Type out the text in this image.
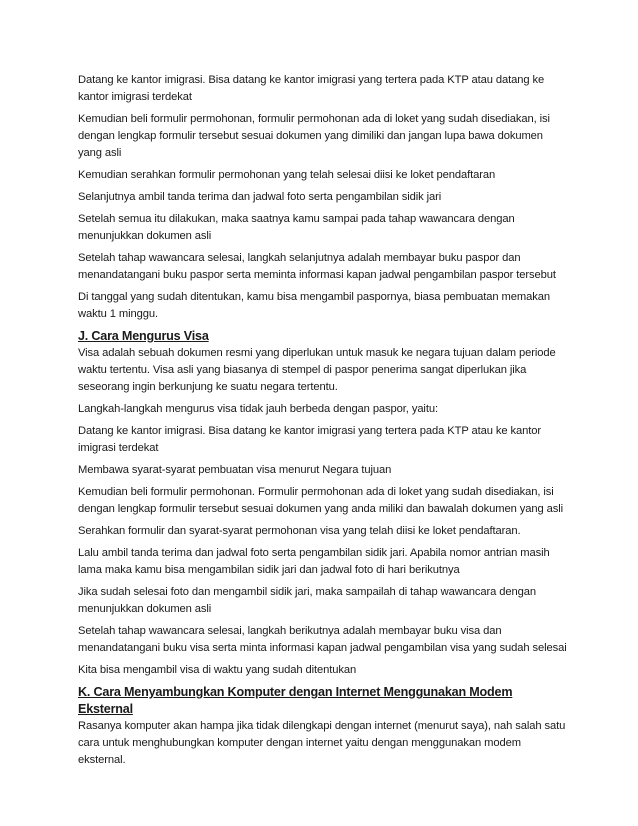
Datang ke kantor imigrasi. Bisa datang ke kantor imigrasi yang tertera pada KTP atau datang ke kantor imigrasi terdekat

Kemudian beli formulir permohonan, formulir permohonan ada di loket yang sudah disediakan, isi dengan lengkap formulir tersebut sesuai dokumen yang dimiliki dan jangan lupa bawa dokumen yang asli

Kemudian serahkan formulir permohonan yang telah selesai diisi ke loket pendaftaran

Selanjutnya ambil tanda terima dan jadwal foto serta pengambilan sidik jari

Setelah semua itu dilakukan, maka saatnya kamu sampai pada tahap wawancara dengan menunjukkan dokumen asli

Setelah tahap wawancara selesai, langkah selanjutnya adalah membayar buku paspor dan menandatangani buku paspor serta meminta informasi kapan jadwal pengambilan paspor tersebut

Di tanggal yang sudah ditentukan, kamu bisa mengambil paspornya, biasa pembuatan memakan waktu 1 minggu.

J. Cara Mengurus Visa

Visa adalah sebuah dokumen resmi yang diperlukan untuk masuk ke negara tujuan dalam periode waktu tertentu. Visa asli yang biasanya di stempel di paspor penerima sangat diperlukan jika seseorang ingin berkunjung ke suatu negara tertentu.

Langkah-langkah mengurus visa tidak jauh berbeda dengan paspor, yaitu:

Datang ke kantor imigrasi. Bisa datang ke kantor imigrasi yang tertera pada KTP atau ke kantor imigrasi terdekat

Membawa syarat-syarat pembuatan visa menurut Negara tujuan

Kemudian beli formulir permohonan. Formulir permohonan ada di loket yang sudah disediakan, isi dengan lengkap formulir tersebut sesuai dokumen yang anda miliki dan bawalah dokumen yang asli

Serahkan formulir dan syarat-syarat permohonan visa yang telah diisi ke loket pendaftaran.

Lalu ambil tanda terima dan jadwal foto serta pengambilan sidik jari. Apabila nomor antrian masih lama maka kamu bisa mengambilan sidik jari dan jadwal foto di hari berikutnya

Jika sudah selesai foto dan mengambil sidik jari, maka sampailah di tahap wawancara dengan menunjukkan dokumen asli

Setelah tahap wawancara selesai, langkah berikutnya adalah membayar buku visa dan menandatangani buku visa serta minta informasi kapan jadwal pengambilan visa yang sudah selesai

Kita bisa mengambil visa di waktu yang sudah ditentukan

K. Cara Menyambungkan Komputer dengan Internet Menggunakan Modem Eksternal

Rasanya komputer akan hampa jika tidak dilengkapi dengan internet (menurut saya), nah salah satu cara untuk menghubungkan komputer dengan internet yaitu dengan menggunakan modem eksternal.
